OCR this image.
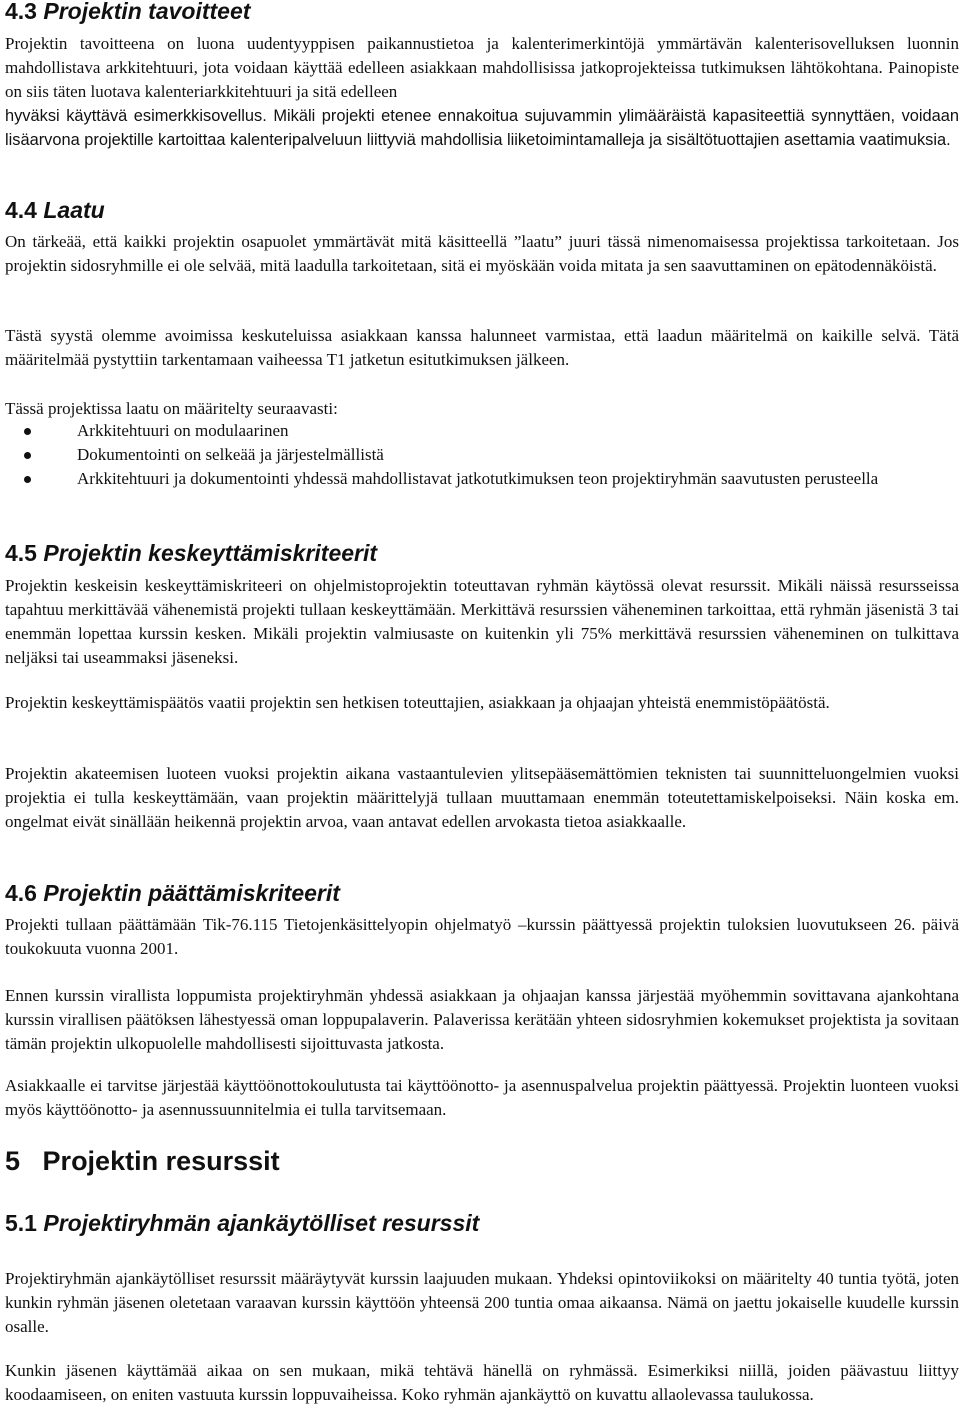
4.3 Projektin tavoitteet

Projektin tavoitteena on luona uudentyyppisen paikannustietoa ja kalenterimerkintöjä ymmärtävän kalenterisovelluksen luonnin mahdollistava arkkitehtuuri, jota voidaan käyttää edelleen asiakkaan mahdollisissa jatkoprojekteissa tutkimuksen lähtökohtana. Painopiste on siis täten luotava kalenteriarkkitehtuuri ja sitä edelleen

hyväksi käyttävä esimerkkisovellus. Mikäli projekti etenee ennakoitua sujuvammin ylimääräistä kapasiteettiä synnyttäen, voidaan lisäarvona projektille kartoittaa kalenteripalveluun liittyviä mahdollisia liiketoimintamalleja ja sisältötuottajien asettamia vaatimuksia.

4.4 Laatu

On tärkeää, että kaikki projektin osapuolet ymmärtävät mitä käsitteellä ”laatu” juuri tässä nimenomaisessa projektissa tarkoitetaan. Jos projektin sidosryhmille ei ole selvää, mitä laadulla tarkoitetaan, sitä ei myöskään voida mitata ja sen saavuttaminen on epätodennäköistä.

Tästä syystä olemme avoimissa keskuteluissa asiakkaan kanssa halunneet varmistaa, että laadun määritelmä on kaikille selvä. Tätä määritelmää pystyttiin tarkentamaan vaiheessa T1 jatketun esitutkimuksen jälkeen.

Tässä projektissa laatu on määritelty seuraavasti:

Arkkitehtuuri on modulaarinen
Dokumentointi on selkeää ja järjestelmällistä
Arkkitehtuuri ja dokumentointi yhdessä mahdollistavat jatkotutkimuksen teon projektiryhmän saavutusten perusteella
4.5 Projektin keskeyttämiskriteerit

Projektin keskeisin keskeyttämiskriteeri on ohjelmistoprojektin toteuttavan ryhmän käytössä olevat resurssit. Mikäli näissä resursseissa tapahtuu merkittävää vähenemistä projekti tullaan keskeyttämään. Merkittävä resurssien väheneminen tarkoittaa, että ryhmän jäsenistä 3 tai enemmän lopettaa kurssin kesken. Mikäli projektin valmiusaste on kuitenkin yli 75% merkittävä resurssien väheneminen on tulkittava neljäksi tai useammaksi jäseneksi.

Projektin keskeyttämispäätös vaatii projektin sen hetkisen toteuttajien, asiakkaan ja ohjaajan yhteistä enemmistöpäätöstä.

Projektin akateemisen luoteen vuoksi projektin aikana vastaantulevien ylitsepääsemättömien teknisten tai suunnitteluongelmien vuoksi projektia ei tulla keskeyttämään, vaan projektin määrittelyjä tullaan muuttamaan enemmän toteutettamiskelpoiseksi. Näin koska em. ongelmat eivät sinällään heikennä projektin arvoa, vaan antavat edellen arvokasta tietoa asiakkaalle.

4.6 Projektin päättämiskriteerit

Projekti tullaan päättämään Tik-76.115 Tietojenkäsittelyopin ohjelmatyö –kurssin päättyessä projektin tuloksien luovutukseen 26. päivä toukokuuta vuonna 2001.

Ennen kurssin virallista loppumista projektiryhmän yhdessä asiakkaan ja ohjaajan kanssa järjestää myöhemmin sovittavana ajankohtana kurssin virallisen päätöksen lähestyessä oman loppupalaverin. Palaverissa kerätään yhteen sidosryhmien kokemukset projektista ja sovitaan tämän projektin ulkopuolelle mahdollisesti sijoittuvasta jatkosta.

Asiakkaalle ei tarvitse järjestää käyttöönottokoulutusta tai käyttöönotto- ja asennuspalvelua projektin päättyessä. Projektin luonteen vuoksi myös käyttöönotto- ja asennussuunnitelmia ei tulla tarvitsemaan.

5 Projektin resurssit
5.1 Projektiryhmän ajankäytölliset resurssit

Projektiryhmän ajankäytölliset resurssit määräytyvät kurssin laajuuden mukaan. Yhdeksi opintoviikoksi on määritelty 40 tuntia työtä, joten kunkin ryhmän jäsenen oletetaan varaavan kurssin käyttöön yhteensä 200 tuntia omaa aikaansa. Nämä on jaettu jokaiselle kuudelle kurssin osalle.

Kunkin jäsenen käyttämää aikaa on sen mukaan, mikä tehtävä hänellä on ryhmässä. Esimerkiksi niillä, joiden päävastuu liittyy koodaamiseen, on eniten vastuuta kurssin loppuvaiheissa. Koko ryhmän ajankäyttö on kuvattu allaolevassa taulukossa.
